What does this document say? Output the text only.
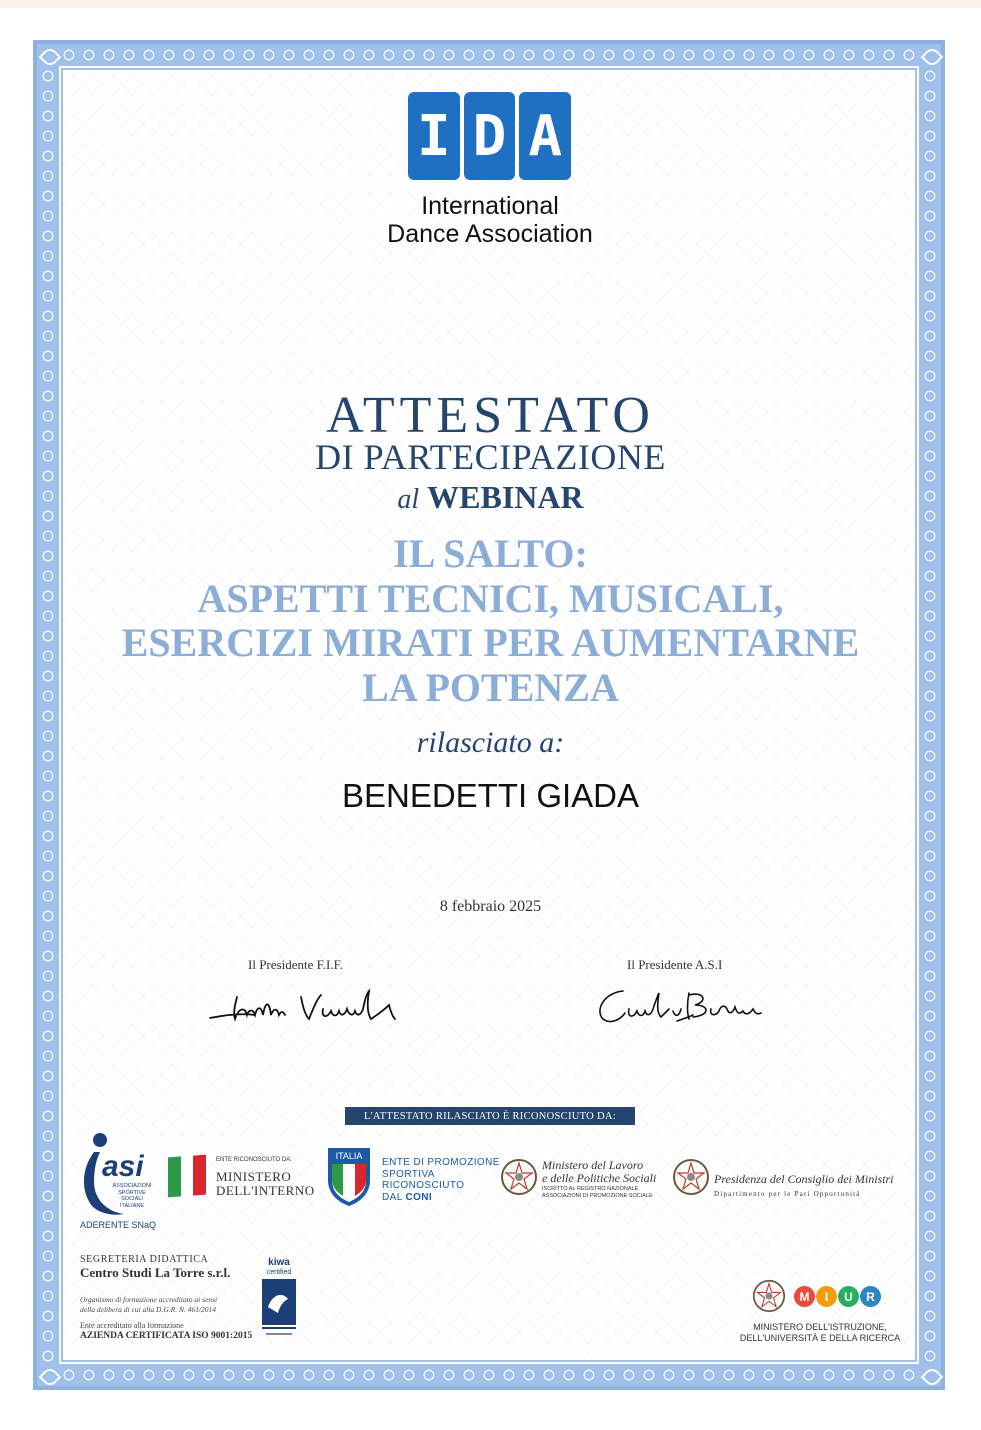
I D A
International
Dance Association
ATTESTATO
DI PARTECIPAZIONE
al WEBINAR
IL SALTO:
ASPETTI TECNICI, MUSICALI,
ESERCIZI MIRATI PER AUMENTARNE
LA POTENZA
rilasciato a:
BENEDETTI GIADA
8 febbraio 2025
Il Presidente F.I.F.	Il Presidente A.S.I
L'ATTESTATO RILASCIATO È RICONOSCIUTO DA:
asi
ASSOCIAZIONI
SPORTIVE SOCIALI
ITALIANE
ADERENTE SNaQ
ENTE RICONOSCIUTO DA:
MINISTERO
DELL'INTERNO
ITALIA
ENTE DI PROMOZIONE
SPORTIVA
RICONOSCIUTO
DAL CONI
Ministero del Lavoro
e delle Politiche Sociali
ISCRITTO AL REGISTRO NAZIONALE
ASSOCIAZIONI DI PROMOZIONE SOCIALE
Presidenza del Consiglio dei Ministri
Dipartimento per le Pari Opportunità
SEGRETERIA DIDATTICA
Centro Studi La Torre s.r.l.
Organismo di formazione accreditato ai sensi
della delibera di cui alla D.G.R. N. 461/2014
Ente accreditato alla formazione
AZIENDA CERTIFICATA ISO 9001:2015
kiwa
certified
M	I	U	R
MINISTERO DELL'ISTRUZIONE,
DELL'UNIVERSITÀ E DELLA RICERCA
